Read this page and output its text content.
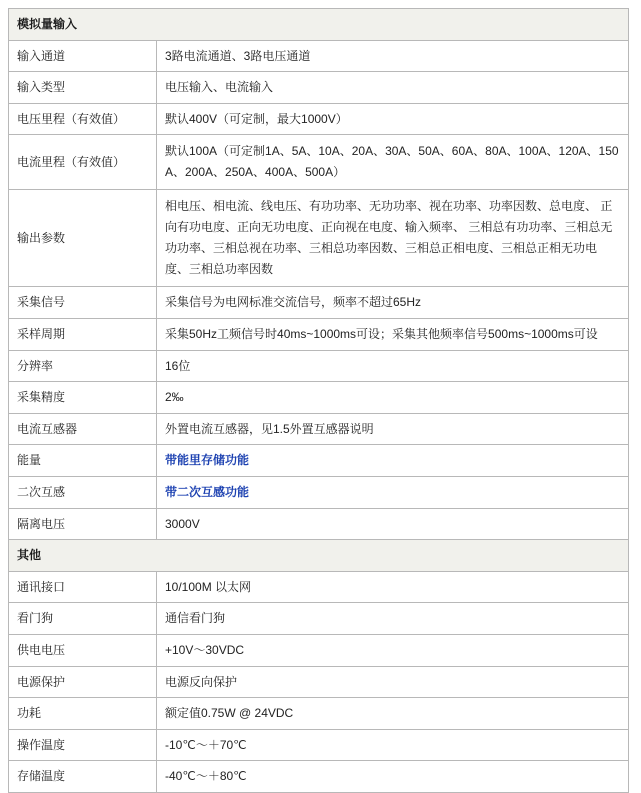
模拟量输入	
输入通道	3路电流通道、3路电压通道
输入类型	电压输入、电流输入
电压里程（有效值）	默认400V（可定制，最大1000V）
电流里程（有效值）	默认100A（可定制1A、5A、10A、20A、30A、50A、60A、80A、100A、120A、150A、200A、250A、400A、500A）
输出参数	相电压、相电流、线电压、有功功率、无功功率、视在功率、功率因数、总电度、 正向有功电度、正向无功电度、正向视在电度、输入频率、 三相总有功功率、三相总无功功率、三相总视在功率、三相总功率因数、三相总正相电度、三相总正相无功电度、三相总功率因数
采集信号	采集信号为电网标准交流信号，频率不超过65Hz
采样周期	采集50Hz工频信号时40ms~1000ms可设；采集其他频率信号500ms~1000ms可设
分辨率	16位
采集精度	2‰
电流互感器	外置电流互感器，见1.5外置互感器说明
能量	带能里存储功能
二次互感	带二次互感功能
隔离电压	3000V
其他	
通讯接口	10/100M 以太网
看门狗	通信看门狗
供电电压	+10V～30VDC
电源保护	电源反向保护
功耗	额定值0.75W @ 24VDC
操作温度	-10℃～＋70℃
存储温度	-40℃～＋80℃
